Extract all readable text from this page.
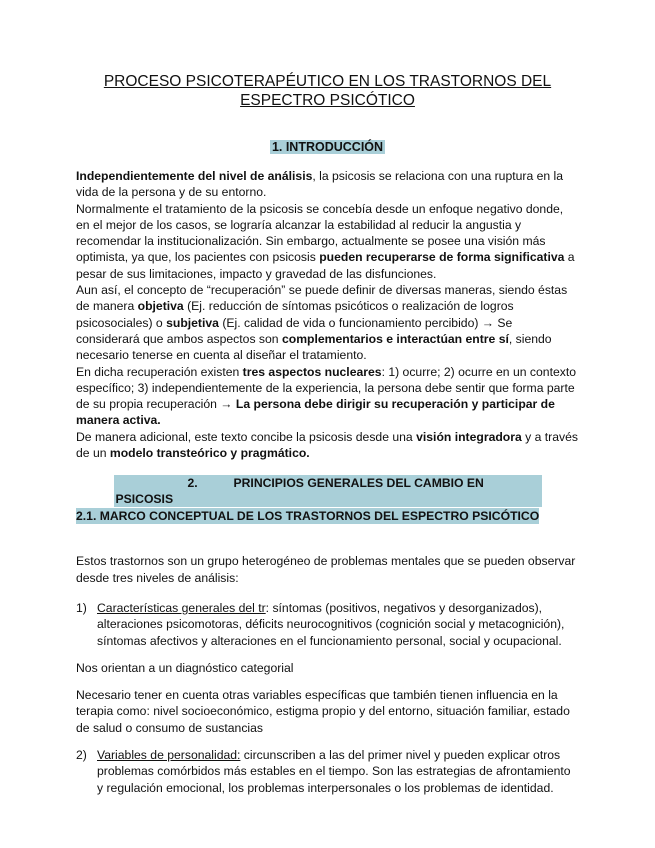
PROCESO PSICOTERAPÉUTICO EN LOS TRASTORNOS DEL ESPECTRO PSICÓTICO
1. INTRODUCCIÓN

Independientemente del nivel de análisis, la psicosis se relaciona con una ruptura en la vida de la persona y de su entorno.

Normalmente el tratamiento de la psicosis se concebía desde un enfoque negativo donde, en el mejor de los casos, se lograría alcanzar la estabilidad al reducir la angustia y recomendar la institucionalización. Sin embargo, actualmente se posee una visión más optimista, ya que, los pacientes con psicosis pueden recuperarse de forma significativa a pesar de sus limitaciones, impacto y gravedad de las disfunciones.

Aun así, el concepto de “recuperación” se puede definir de diversas maneras, siendo éstas de manera objetiva (Ej. reducción de síntomas psicóticos o realización de logros psicosociales) o subjetiva (Ej. calidad de vida o funcionamiento percibido) → Se considerará que ambos aspectos son complementarios e interactúan entre sí, siendo necesario tenerse en cuenta al diseñar el tratamiento.

En dicha recuperación existen tres aspectos nucleares: 1) ocurre; 2) ocurre en un contexto específico; 3) independientemente de la experiencia, la persona debe sentir que forma parte de su propia recuperación → La persona debe dirigir su recuperación y participar de manera activa.

De manera adicional, este texto concibe la psicosis desde una visión integradora y a través de un modelo transteórico y pragmático.

2.	PRINCIPIOS GENERALES DEL CAMBIO EN PSICOSIS
2.1. MARCO CONCEPTUAL DE LOS TRASTORNOS DEL ESPECTRO PSICÓTICO

Estos trastornos son un grupo heterogéneo de problemas mentales que se pueden observar desde tres niveles de análisis:

1) Características generales del tr: síntomas (positivos, negativos y desorganizados), alteraciones psicomotoras, déficits neurocognitivos (cognición social y metacognición), síntomas afectivos y alteraciones en el funcionamiento personal, social y ocupacional.

Nos orientan a un diagnóstico categorial

Necesario tener en cuenta otras variables específicas que también tienen influencia en la terapia como: nivel socioeconómico, estigma propio y del entorno, situación familiar, estado de salud o consumo de sustancias

2) Variables de personalidad: circunscriben a las del primer nivel y pueden explicar otros problemas comórbidos más estables en el tiempo. Son las estrategias de afrontamiento y regulación emocional, los problemas interpersonales o los problemas de identidad.
